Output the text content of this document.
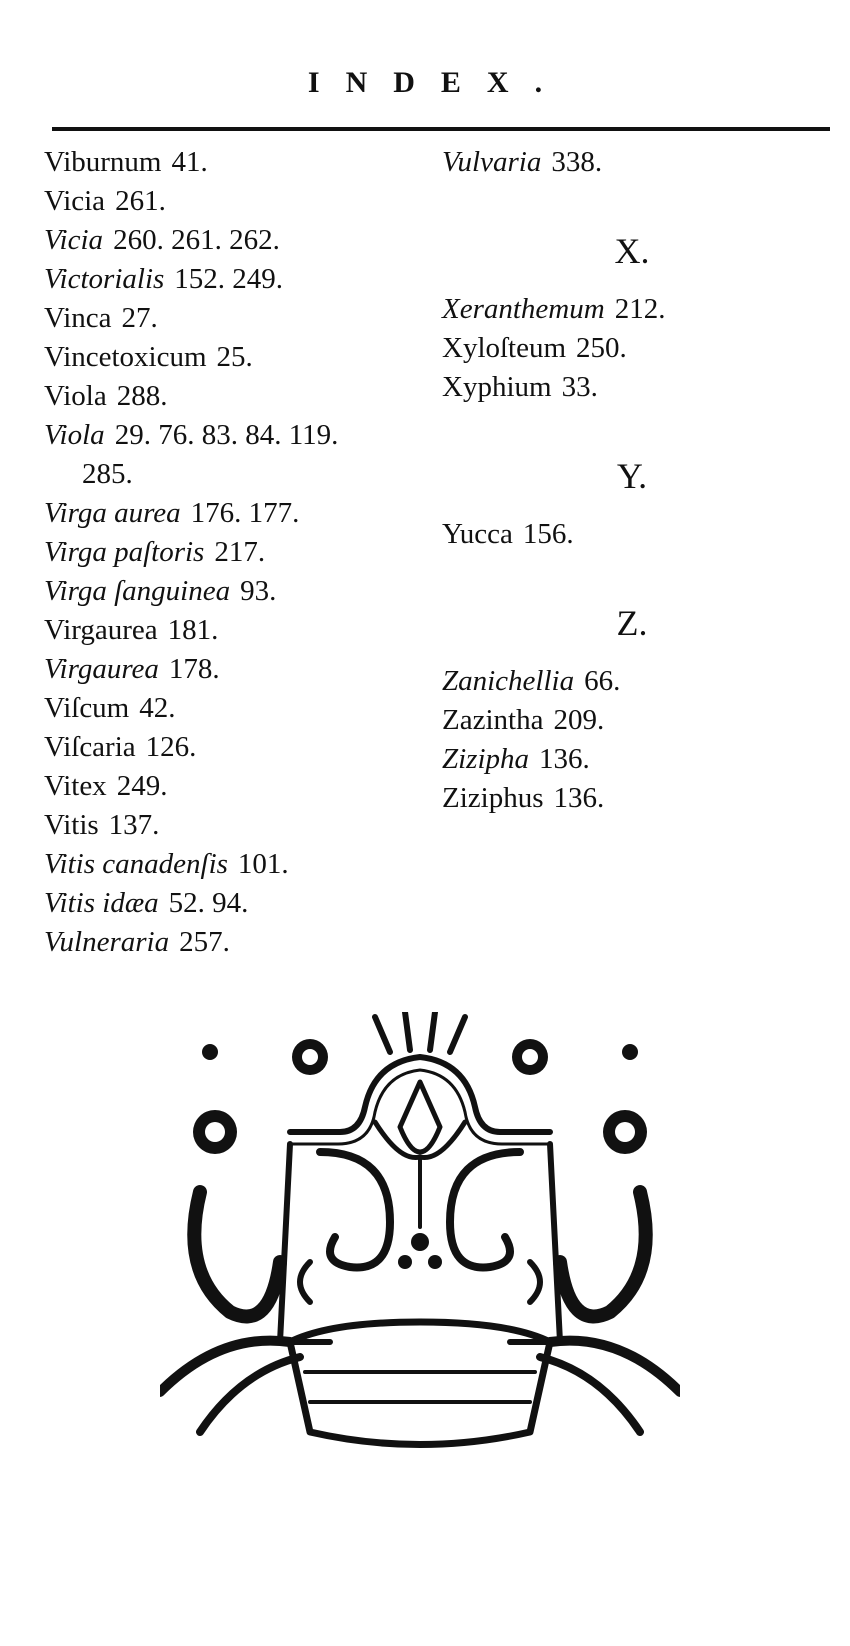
INDEX.
Viburnum 41.
Vicia 261.
Vicia 260. 261. 262.
Victorialis 152. 249.
Vinca 27.
Vincetoxicum 25.
Viola 288.
Viola 29. 76. 83. 84. 119.
285.
Virga aurea 176. 177.
Virga paſtoris 217.
Virga ſanguinea 93.
Virgaurea 181.
Virgaurea 178.
Viſcum 42.
Viſcaria 126.
Vitex 249.
Vitis 137.
Vitis canadenſis 101.
Vitis idæa 52. 94.
Vulneraria 257.
Vulvaria 338.
X.
Xeranthemum 212.
Xyloſteum 250.
Xyphium 33.
Y.
Yucca 156.
Z.
Zanichellia 66.
Zazintha 209.
Zizipha 136.
Ziziphus 136.
